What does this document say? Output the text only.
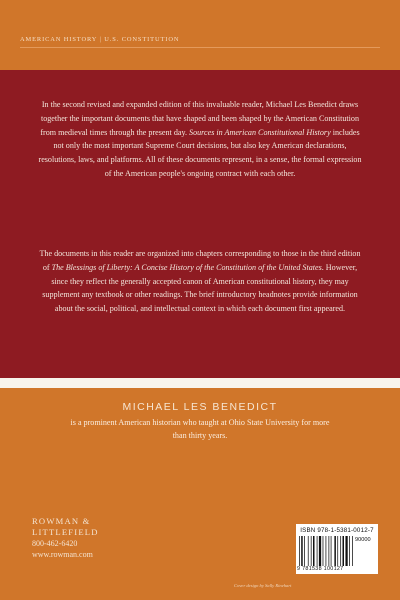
AMERICAN HISTORY | U.S. CONSTITUTION

In the second revised and expanded edition of this invaluable reader, Michael Les Benedict draws together the important documents that have shaped and been shaped by the American Constitution from medieval times through the present day. Sources in American Constitutional History includes not only the most important Supreme Court decisions, but also key American declarations, resolutions, laws, and platforms. All of these documents represent, in a sense, the formal expression of the American people's ongoing contract with each other.

The documents in this reader are organized into chapters corresponding to those in the third edition of The Blessings of Liberty: A Concise History of the Constitution of the United States. However, since they reflect the generally accepted canon of American constitutional history, they may supplement any textbook or other readings. The brief introductory headnotes provide information about the social, political, and intellectual context in which each document first appeared.

MICHAEL LES BENEDICT
is a prominent American historian who taught at Ohio State University for more than thirty years.
ROWMAN &
LITTLEFIELD
800-462-6420
www.rowman.com
Cover design by Sally Rinehart
ISBN 978-1-5381-0012-7
90000
9 781538 100127
